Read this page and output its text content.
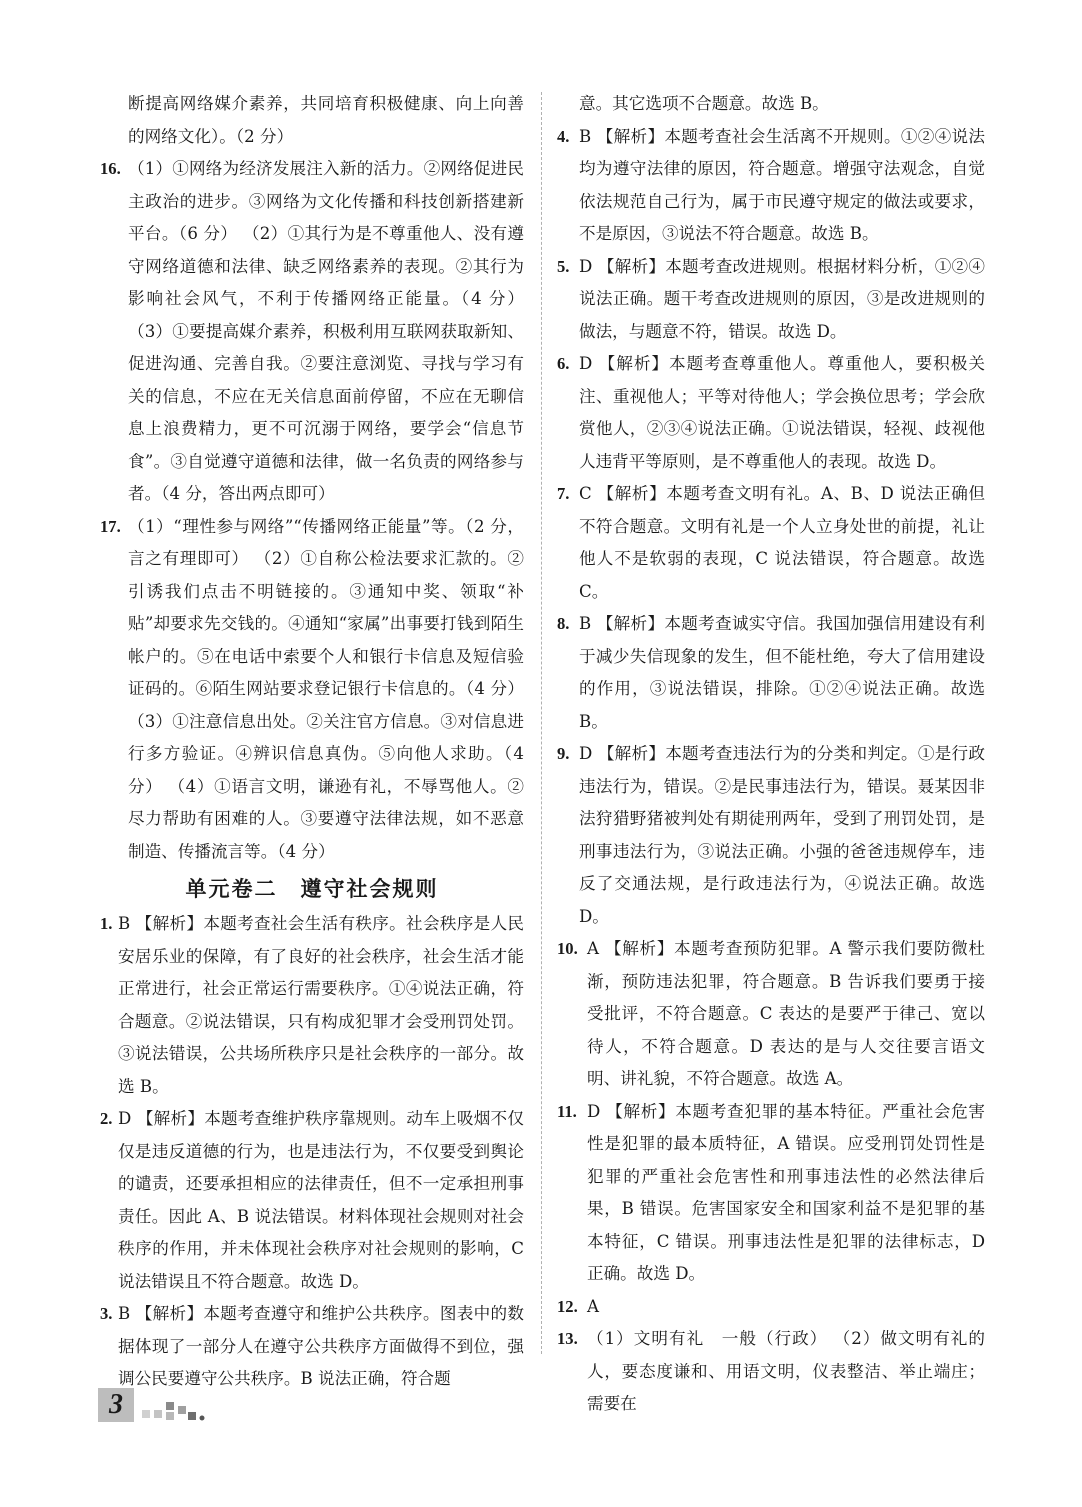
断提高网络媒介素养，共同培育积极健康、向上向善的网络文化）。（2 分）
16. （1）①网络为经济发展注入新的活力。②网络促进民主政治的进步。③网络为文化传播和科技创新搭建新平台。（6 分） （2）①其行为是不尊重他人、没有遵守网络道德和法律、缺乏网络素养的表现。②其行为影响社会风气，不利于传播网络正能量。（4 分） （3）①要提高媒介素养，积极利用互联网获取新知、促进沟通、完善自我。②要注意浏览、寻找与学习有关的信息，不应在无关信息面前停留，不应在无聊信息上浪费精力，更不可沉溺于网络，要学会“信息节食”。③自觉遵守道德和法律，做一名负责的网络参与者。（4 分，答出两点即可）
17. （1）“理性参与网络”“传播网络正能量”等。（2 分，言之有理即可） （2）①自称公检法要求汇款的。②引诱我们点击不明链接的。③通知中奖、领取“补贴”却要求先交钱的。④通知“家属”出事要打钱到陌生帐户的。⑤在电话中索要个人和银行卡信息及短信验证码的。⑥陌生网站要求登记银行卡信息的。（4 分） （3）①注意信息出处。②关注官方信息。③对信息进行多方验证。④辨识信息真伪。⑤向他人求助。（4 分） （4）①语言文明，谦逊有礼，不辱骂他人。②尽力帮助有困难的人。③要遵守法律法规，如不恶意制造、传播流言等。（4 分）
单元卷二　遵守社会规则
1. B 【解析】本题考查社会生活有秩序。社会秩序是人民安居乐业的保障，有了良好的社会秩序，社会生活才能正常进行，社会正常运行需要秩序。①④说法正确，符合题意。②说法错误，只有构成犯罪才会受刑罚处罚。③说法错误，公共场所秩序只是社会秩序的一部分。故选 B。
2. D 【解析】本题考查维护秩序靠规则。动车上吸烟不仅仅是违反道德的行为，也是违法行为，不仅要受到舆论的谴责，还要承担相应的法律责任，但不一定承担刑事责任。因此 A、B 说法错误。材料体现社会规则对社会秩序的作用，并未体现社会秩序对社会规则的影响，C 说法错误且不符合题意。故选 D。
3. B 【解析】本题考查遵守和维护公共秩序。图表中的数据体现了一部分人在遵守公共秩序方面做得不到位，强调公民要遵守公共秩序。B 说法正确，符合题
意。其它选项不合题意。故选 B。
4. B 【解析】本题考查社会生活离不开规则。①②④说法均为遵守法律的原因，符合题意。增强守法观念，自觉依法规范自己行为，属于市民遵守规定的做法或要求，不是原因，③说法不符合题意。故选 B。
5. D 【解析】本题考查改进规则。根据材料分析，①②④说法正确。题干考查改进规则的原因，③是改进规则的做法，与题意不符，错误。故选 D。
6. D 【解析】本题考查尊重他人。尊重他人，要积极关注、重视他人；平等对待他人；学会换位思考；学会欣赏他人，②③④说法正确。①说法错误，轻视、歧视他人违背平等原则，是不尊重他人的表现。故选 D。
7. C 【解析】本题考查文明有礼。A、B、D 说法正确但不符合题意。文明有礼是一个人立身处世的前提，礼让他人不是软弱的表现，C 说法错误，符合题意。故选 C。
8. B 【解析】本题考查诚实守信。我国加强信用建设有利于减少失信现象的发生，但不能杜绝，夸大了信用建设的作用，③说法错误，排除。①②④说法正确。故选 B。
9. D 【解析】本题考查违法行为的分类和判定。①是行政违法行为，错误。②是民事违法行为，错误。聂某因非法狩猎野猪被判处有期徒刑两年，受到了刑罚处罚，是刑事违法行为，③说法正确。小强的爸爸违规停车，违反了交通法规，是行政违法行为，④说法正确。故选 D。
10. A 【解析】本题考查预防犯罪。A 警示我们要防微杜渐，预防违法犯罪，符合题意。B 告诉我们要勇于接受批评，不符合题意。C 表达的是要严于律己、宽以待人，不符合题意。D 表达的是与人交往要言语文明、讲礼貌，不符合题意。故选 A。
11. D 【解析】本题考查犯罪的基本特征。严重社会危害性是犯罪的最本质特征，A 错误。应受刑罚处罚性是犯罪的严重社会危害性和刑事违法性的必然法律后果，B 错误。危害国家安全和国家利益不是犯罪的基本特征，C 错误。刑事违法性是犯罪的法律标志，D 正确。故选 D。
12. A
13. （1）文明有礼　一般（行政） （2）做文明有礼的人，要态度谦和、用语文明，仪表整洁、举止端庄；需要在
3
